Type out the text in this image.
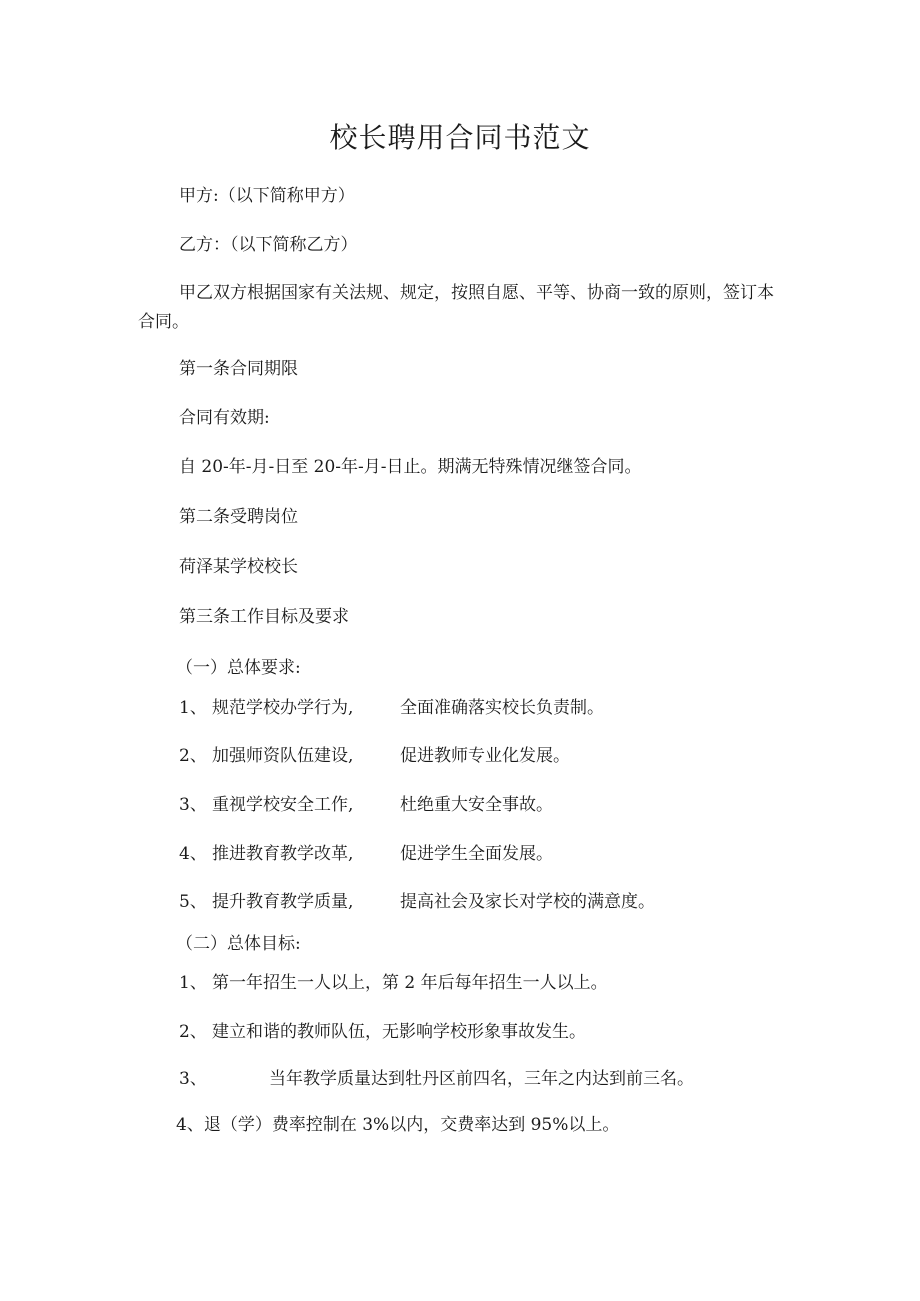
校长聘用合同书范文
甲方:（以下简称甲方）
乙方：（以下简称乙方）
甲乙双方根据国家有关法规、规定，按照自愿、平等、协商一致的原则，签订本合同。
第一条合同期限
合同有效期:
自 20-年-月-日至 20-年-月-日止。期满无特殊情况继签合同。
第二条受聘岗位
荷泽某学校校长
第三条工作目标及要求
（一）总体要求:
1、 规范学校办学行为,	全面准确落实校长负责制。
2、 加强师资队伍建设,	促进教师专业化发展。
3、 重视学校安全工作,	杜绝重大安全事故。
4、 推进教育教学改革,	促进学生全面发展。
5、 提升教育教学质量,	提高社会及家长对学校的满意度。
（二）总体目标:
1、 第一年招生一人以上，第 2 年后每年招生一人以上。
2、 建立和谐的教师队伍，无影响学校形象事故发生。
3、	当年教学质量达到牡丹区前四名，三年之内达到前三名。
4、退（学）费率控制在 3%以内，交费率达到 95%以上。
